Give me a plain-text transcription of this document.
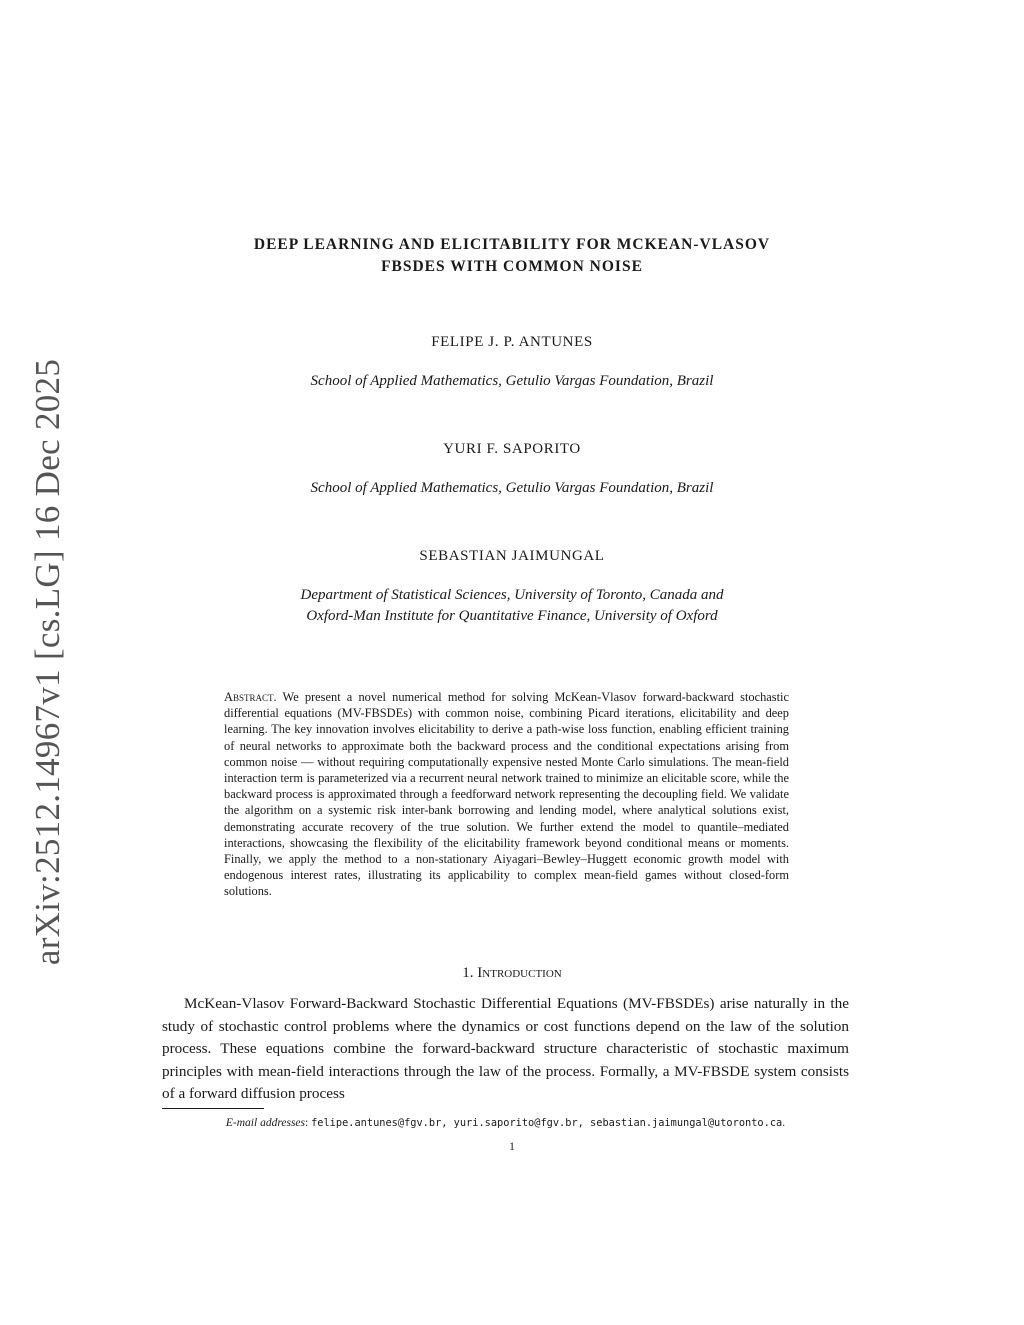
arXiv:2512.14967v1 [cs.LG] 16 Dec 2025
DEEP LEARNING AND ELICITABILITY FOR MCKEAN-VLASOV
FBSDES WITH COMMON NOISE
FELIPE J. P. ANTUNES
School of Applied Mathematics, Getulio Vargas Foundation, Brazil
YURI F. SAPORITO
School of Applied Mathematics, Getulio Vargas Foundation, Brazil
SEBASTIAN JAIMUNGAL
Department of Statistical Sciences, University of Toronto, Canada and
Oxford-Man Institute for Quantitative Finance, University of Oxford
Abstract. We present a novel numerical method for solving McKean-Vlasov forward-backward stochastic differential equations (MV-FBSDEs) with common noise, combining Picard iterations, elicitability and deep learning. The key innovation involves elicitability to derive a path-wise loss function, enabling efficient training of neural networks to approximate both the backward process and the conditional expectations arising from common noise — without requiring computationally expensive nested Monte Carlo simulations. The mean-field interaction term is parameterized via a recurrent neural network trained to minimize an elicitable score, while the backward process is approximated through a feedforward network representing the decoupling field. We validate the algorithm on a systemic risk inter-bank borrowing and lending model, where analytical solutions exist, demonstrating accurate recovery of the true solution. We further extend the model to quantile–mediated interactions, showcasing the flexibility of the elicitability framework beyond conditional means or moments. Finally, we apply the method to a non-stationary Aiyagari–Bewley–Huggett economic growth model with endogenous interest rates, illustrating its applicability to complex mean-field games without closed-form solutions.
1. Introduction
McKean-Vlasov Forward-Backward Stochastic Differential Equations (MV-FBSDEs) arise naturally in the study of stochastic control problems where the dynamics or cost functions depend on the law of the solution process. These equations combine the forward-backward structure characteristic of stochastic maximum principles with mean-field interactions through the law of the process. Formally, a MV-FBSDE system consists of a forward diffusion process
E-mail addresses: felipe.antunes@fgv.br, yuri.saporito@fgv.br, sebastian.jaimungal@utoronto.ca.
1
